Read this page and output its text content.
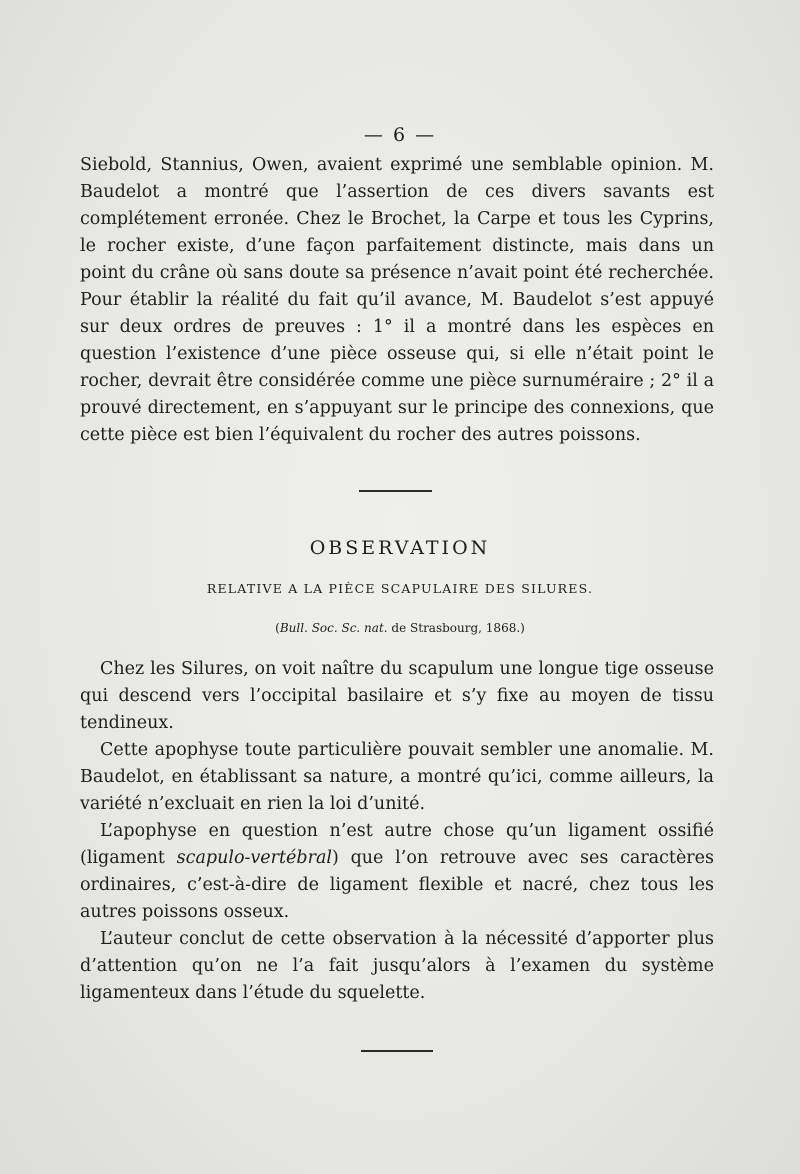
— 6 —

Siebold, Stannius, Owen, avaient exprimé une semblable opinion. M. Baudelot a montré que l’assertion de ces divers savants est complétement erronée. Chez le Brochet, la Carpe et tous les Cyprins, le rocher existe, d’une façon parfaitement distincte, mais dans un point du crâne où sans doute sa présence n’avait point été recherchée. Pour établir la réalité du fait qu’il avance, M. Baudelot s’est appuyé sur deux ordres de preuves : 1° il a montré dans les espèces en question l’existence d’une pièce osseuse qui, si elle n’était point le rocher, devrait être considérée comme une pièce surnuméraire ; 2° il a prouvé directement, en s’appuyant sur le principe des connexions, que cette pièce est bien l’équivalent du rocher des autres poissons.

OBSERVATION
RELATIVE A LA PIÈCE SCAPULAIRE DES SILURES.
(Bull. Soc. Sc. nat. de Strasbourg, 1868.)

Chez les Silures, on voit naître du scapulum une longue tige osseuse qui descend vers l’occipital basilaire et s’y fixe au moyen de tissu tendineux.

Cette apophyse toute particulière pouvait sembler une anomalie. M. Baudelot, en établissant sa nature, a montré qu’ici, comme ailleurs, la variété n’excluait en rien la loi d’unité.

L’apophyse en question n’est autre chose qu’un ligament ossifié (ligament scapulo-vertébral) que l’on retrouve avec ses caractères ordinaires, c’est-à-dire de ligament flexible et nacré, chez tous les autres poissons osseux.

L’auteur conclut de cette observation à la nécessité d’apporter plus d’attention qu’on ne l’a fait jusqu’alors à l’examen du système ligamenteux dans l’étude du squelette.
